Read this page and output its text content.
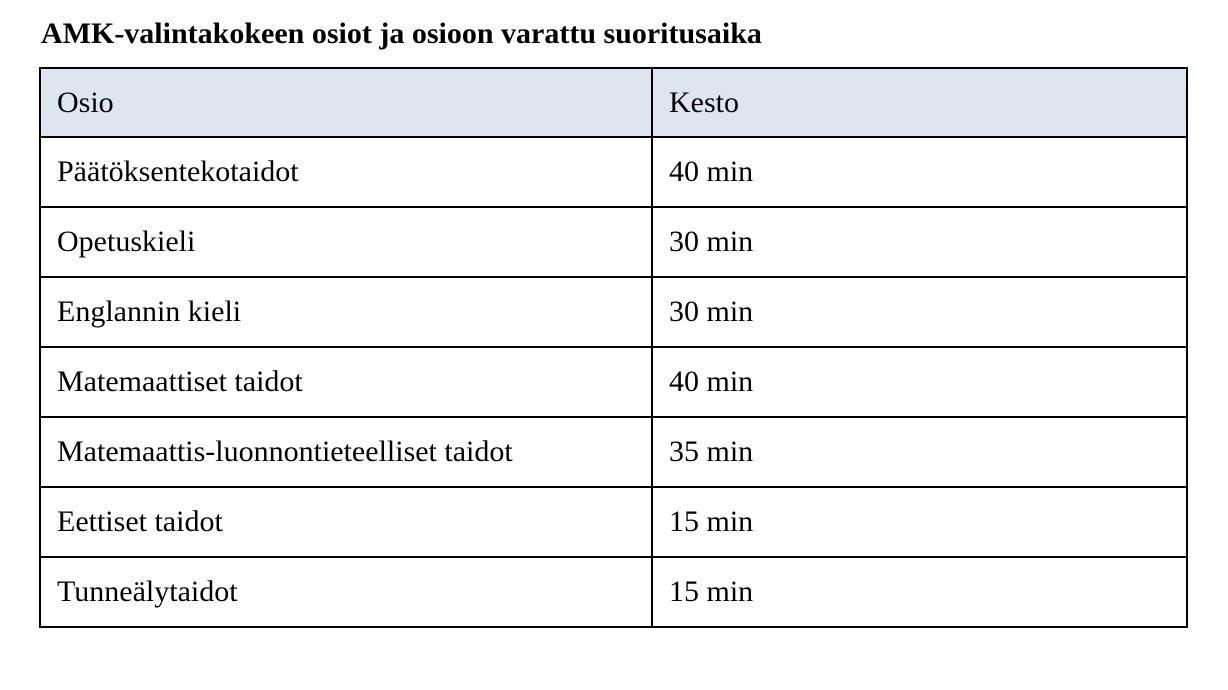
AMK-valintakokeen osiot ja osioon varattu suoritusaika
Osio	Kesto
Päätöksentekotaidot	40 min
Opetuskieli	30 min
Englannin kieli	30 min
Matemaattiset taidot	40 min
Matemaattis-luonnontieteelliset taidot	35 min
Eettiset taidot	15 min
Tunneälytaidot	15 min
